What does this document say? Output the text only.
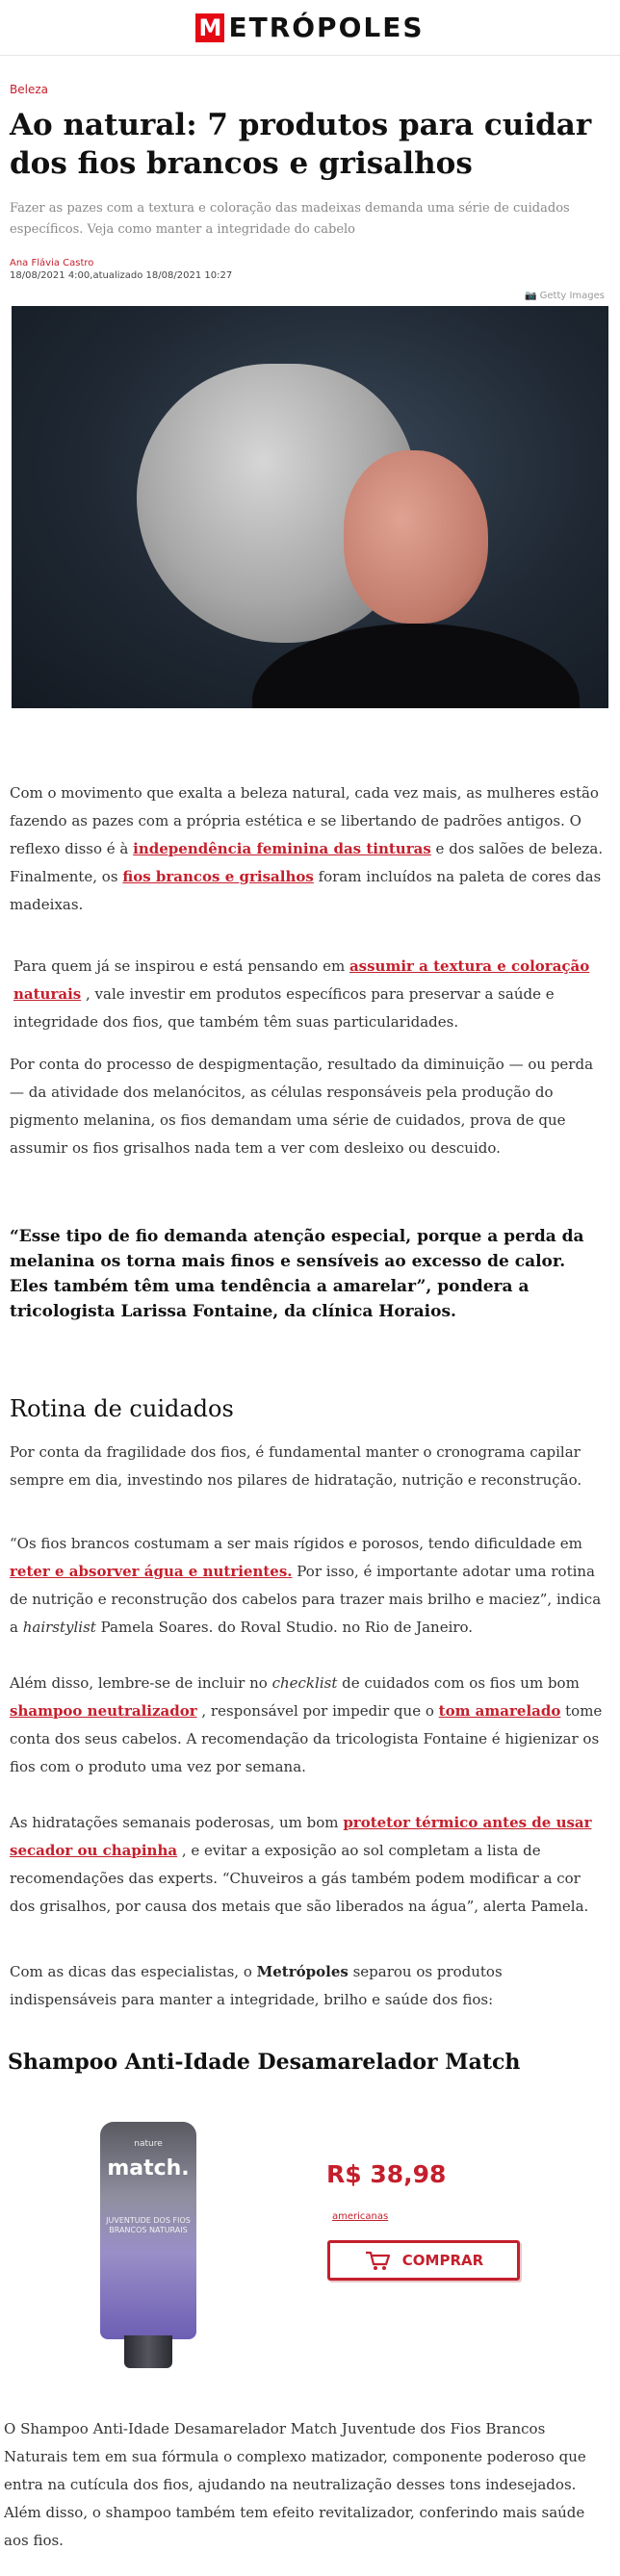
M ETRÓPOLES
Beleza
Ao natural: 7 produtos para cuidar dos fios brancos e grisalhos

Fazer as pazes com a textura e coloração das madeixas demanda uma série de cuidados específicos. Veja como manter a integridade do cabelo

Ana Flávia Castro
18/08/2021 4:00,atualizado 18/08/2021 10:27
📷 Getty Images

Com o movimento que exalta a beleza natural, cada vez mais, as mulheres estão fazendo as pazes com a própria estética e se libertando de padrões antigos. O reflexo disso é à independência feminina das tinturas e dos salões de beleza. Finalmente, os fios brancos e grisalhos foram incluídos na paleta de cores das madeixas.

Para quem já se inspirou e está pensando em assumir a textura e coloração naturais , vale investir em produtos específicos para preservar a saúde e integridade dos fios, que também têm suas particularidades.

Por conta do processo de despigmentação, resultado da diminuição — ou perda — da atividade dos melanócitos, as células responsáveis pela produção do pigmento melanina, os fios demandam uma série de cuidados, prova de que assumir os fios grisalhos nada tem a ver com desleixo ou descuido.

“Esse tipo de fio demanda atenção especial, porque a perda da melanina os torna mais finos e sensíveis ao excesso de calor. Eles também têm uma tendência a amarelar”, pondera a tricologista Larissa Fontaine, da clínica Horaios.

Rotina de cuidados

Por conta da fragilidade dos fios, é fundamental manter o cronograma capilar sempre em dia, investindo nos pilares de hidratação, nutrição e reconstrução.

“Os fios brancos costumam a ser mais rígidos e porosos, tendo dificuldade em reter e absorver água e nutrientes. Por isso, é importante adotar uma rotina de nutrição e reconstrução dos cabelos para trazer mais brilho e maciez”, indica a hairstylist Pamela Soares. do Roval Studio. no Rio de Janeiro.

Além disso, lembre-se de incluir no checklist de cuidados com os fios um bom shampoo neutralizador , responsável por impedir que o tom amarelado tome conta dos seus cabelos. A recomendação da tricologista Fontaine é higienizar os fios com o produto uma vez por semana.

As hidratações semanais poderosas, um bom protetor térmico antes de usar secador ou chapinha , e evitar a exposição ao sol completam a lista de recomendações das experts. “Chuveiros a gás também podem modificar a cor dos grisalhos, por causa dos metais que são liberados na água”, alerta Pamela.

Com as dicas das especialistas, o Metrópoles separou os produtos indispensáveis para manter a integridade, brilho e saúde dos fios:

Shampoo Anti-Idade Desamarelador Match
nature
match.
JUVENTUDE DOS FIOS BRANCOS NATURAIS
R$ 38,98
americanas
COMPRAR

O Shampoo Anti-Idade Desamarelador Match Juventude dos Fios Brancos Naturais tem em sua fórmula o complexo matizador, componente poderoso que entra na cutícula dos fios, ajudando na neutralização desses tons indesejados. Além disso, o shampoo também tem efeito revitalizador, conferindo mais saúde aos fios.
